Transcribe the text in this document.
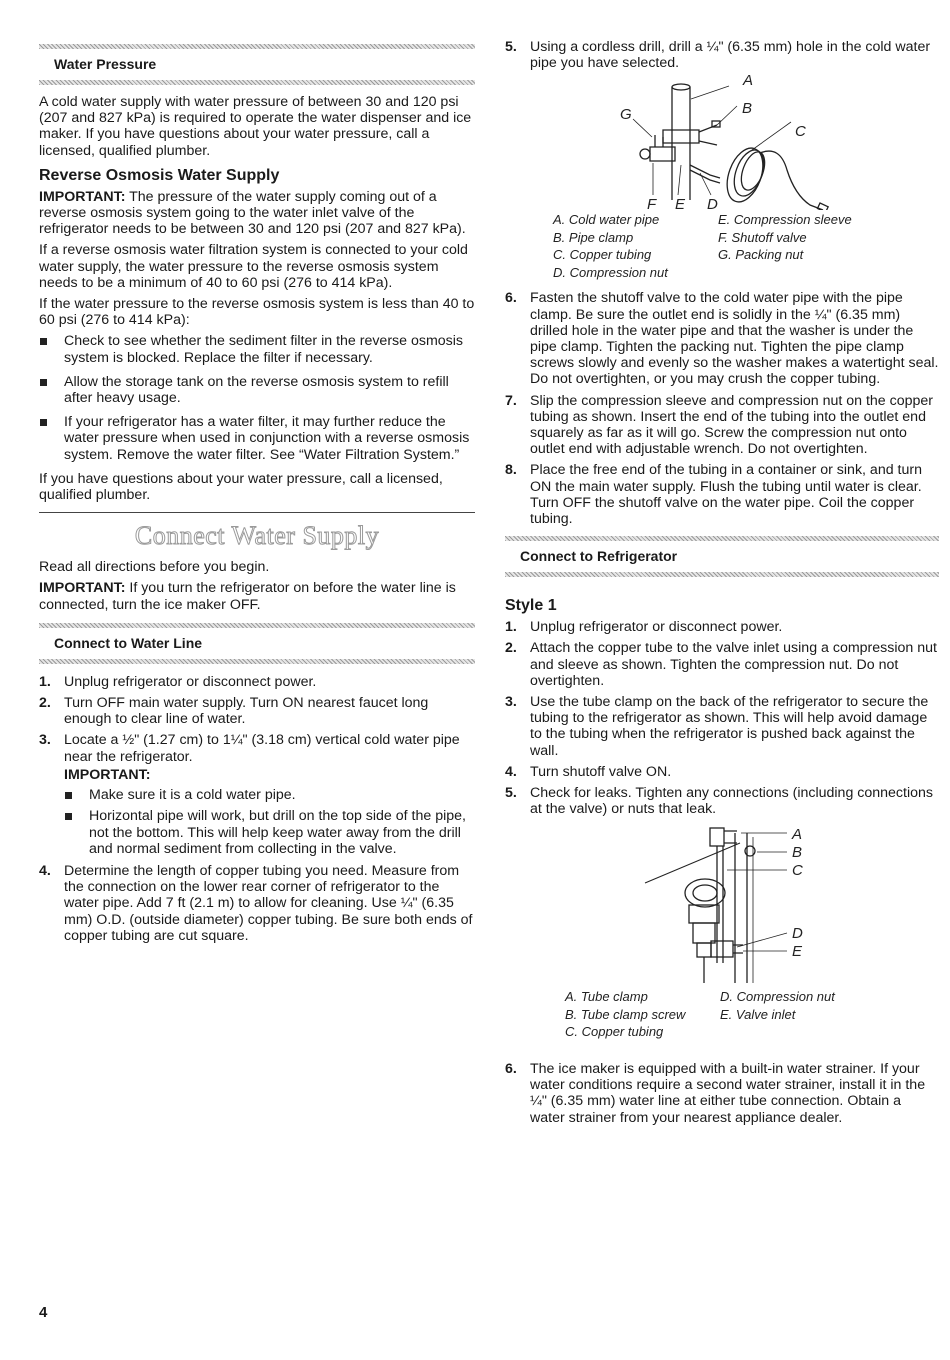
Water Pressure

A cold water supply with water pressure of between 30 and 120 psi (207 and 827 kPa) is required to operate the water dispenser and ice maker. If you have questions about your water pressure, call a licensed, qualified plumber.

Reverse Osmosis Water Supply

IMPORTANT: The pressure of the water supply coming out of a reverse osmosis system going to the water inlet valve of the refrigerator needs to be between 30 and 120 psi (207 and 827 kPa).

If a reverse osmosis water filtration system is connected to your cold water supply, the water pressure to the reverse osmosis system needs to be a minimum of 40 to 60 psi (276 to 414 kPa).

If the water pressure to the reverse osmosis system is less than 40 to 60 psi (276 to 414 kPa):

Check to see whether the sediment filter in the reverse osmosis system is blocked. Replace the filter if necessary.
Allow the storage tank on the reverse osmosis system to refill after heavy usage.
If your refrigerator has a water filter, it may further reduce the water pressure when used in conjunction with a reverse osmosis system. Remove the water filter. See “Water Filtration System.”

If you have questions about your water pressure, call a licensed, qualified plumber.

Connect Water Supply

Read all directions before you begin.

IMPORTANT: If you turn the refrigerator on before the water line is connected, turn the ice maker OFF.

Connect to Water Line
1. Unplug refrigerator or disconnect power.
2. Turn OFF main water supply. Turn ON nearest faucet long enough to clear line of water.
3. Locate a ½" (1.27 cm) to 1¼" (3.18 cm) vertical cold water pipe near the refrigerator.
IMPORTANT:
Make sure it is a cold water pipe.
Horizontal pipe will work, but drill on the top side of the pipe, not the bottom. This will help keep water away from the drill and normal sediment from collecting in the valve.
4. Determine the length of copper tubing you need. Measure from the connection on the lower rear corner of refrigerator to the water pipe. Add 7 ft (2.1 m) to allow for cleaning. Use ¼" (6.35 mm) O.D. (outside diameter) copper tubing. Be sure both ends of copper tubing are cut square.
5. Using a cordless drill, drill a ¼" (6.35 mm) hole in the cold water pipe you have selected.
A
B
C
G
F E D
A. Cold water pipe	E. Compression sleeve
B. Pipe clamp	F. Shutoff valve
C. Copper tubing	G. Packing nut
D. Compression nut
6. Fasten the shutoff valve to the cold water pipe with the pipe clamp. Be sure the outlet end is solidly in the ¼" (6.35 mm) drilled hole in the water pipe and that the washer is under the pipe clamp. Tighten the packing nut. Tighten the pipe clamp screws slowly and evenly so the washer makes a watertight seal. Do not overtighten, or you may crush the copper tubing.
7. Slip the compression sleeve and compression nut on the copper tubing as shown. Insert the end of the tubing into the outlet end squarely as far as it will go. Screw the compression nut onto outlet end with adjustable wrench. Do not overtighten.
8. Place the free end of the tubing in a container or sink, and turn ON the main water supply. Flush the tubing until water is clear. Turn OFF the shutoff valve on the water pipe. Coil the copper tubing.
Connect to Refrigerator
Style 1
1. Unplug refrigerator or disconnect power.
2. Attach the copper tube to the valve inlet using a compression nut and sleeve as shown. Tighten the compression nut. Do not overtighten.
3. Use the tube clamp on the back of the refrigerator to secure the tubing to the refrigerator as shown. This will help avoid damage to the tubing when the refrigerator is pushed back against the wall.
4. Turn shutoff valve ON.
5. Check for leaks. Tighten any connections (including connections at the valve) or nuts that leak.
A
B
C
D
E
A. Tube clamp	D. Compression nut
B. Tube clamp screw	E. Valve inlet
C. Copper tubing
6. The ice maker is equipped with a built-in water strainer. If your water conditions require a second water strainer, install it in the ¼" (6.35 mm) water line at either tube connection. Obtain a water strainer from your nearest appliance dealer.
4
